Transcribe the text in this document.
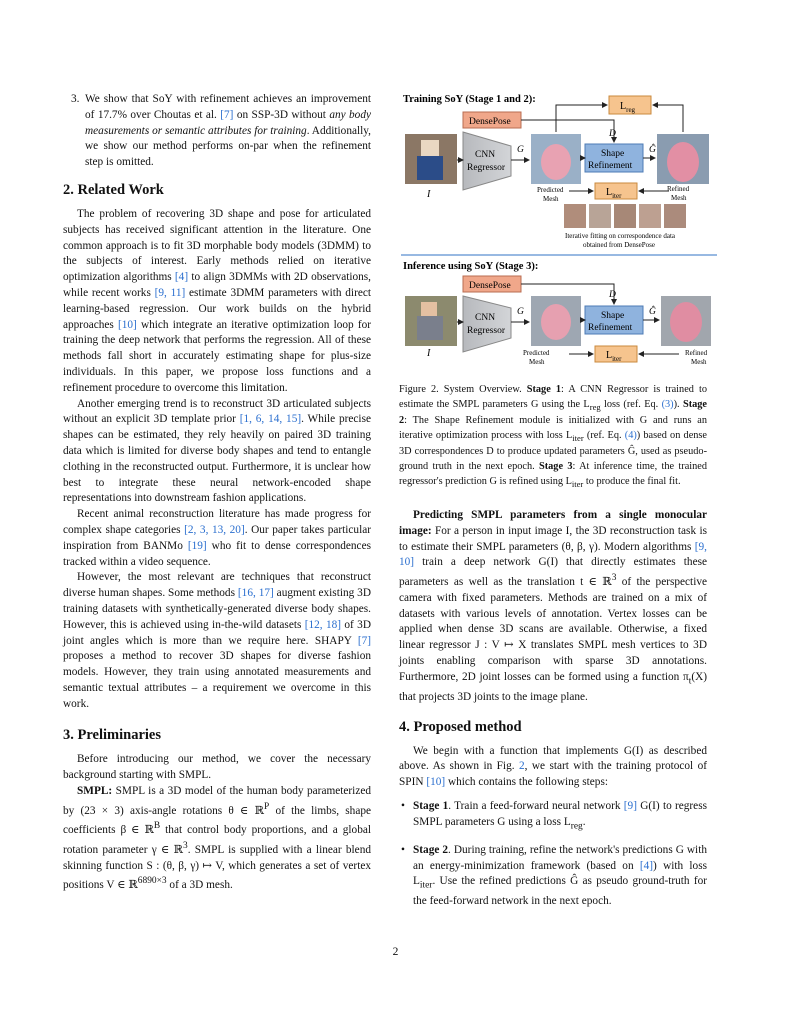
3. We show that SoY with refinement achieves an improvement of 17.7% over Choutas et al. [7] on SSP-3D without any body measurements or semantic attributes for training. Additionally, we show our method performs on-par when the refinement step is omitted.
2. Related Work

The problem of recovering 3D shape and pose for articulated subjects has received significant attention in the literature. One common approach is to fit 3D morphable body models (3DMM) to the subjects of interest. Early methods relied on iterative optimization algorithms [4] to align 3DMMs with 2D observations, while recent works [9, 11] estimate 3DMM parameters with direct learning-based regression. Our work builds on the hybrid approaches [10] which integrate an iterative optimization loop for training the deep network that performs the regression. All of these methods fall short in accurately estimating shape for plus-size individuals. In this paper, we propose loss functions and a refinement procedure to overcome this limitation.

Another emerging trend is to reconstruct 3D articulated subjects without an explicit 3D template prior [1, 6, 14, 15]. While precise shapes can be estimated, they rely heavily on paired 3D training data which is limited for diverse body shapes and tend to entangle clothing in the reconstructed output. Furthermore, it is unclear how best to integrate these neural network-encoded shape representations into downstream fashion applications.

Recent animal reconstruction literature has made progress for complex shape categories [2, 3, 13, 20]. Our paper takes particular inspiration from BANMo [19] who fit to dense correspondences tracked within a video sequence.

However, the most relevant are techniques that reconstruct diverse human shapes. Some methods [16, 17] augment existing 3D training datasets with synthetically-generated diverse body shapes. However, this is achieved using in-the-wild datasets [12, 18] of 3D joint angles which is more than we require here. SHAPY [7] proposes a method to recover 3D shapes for diverse fashion models. However, they train using annotated measurements and semantic textual attributes – a requirement we overcome in this work.

3. Preliminaries

Before introducing our method, we cover the necessary background starting with SMPL.

SMPL: SMPL is a 3D model of the human body parameterized by (23 × 3) axis-angle rotations θ ∈ ℝ$^P$ of the limbs, shape coefficients β ∈ ℝ$^B$ that control body proportions, and a global rotation parameter γ ∈ ℝ$^3$. SMPL is supplied with a linear blend skinning function S : (θ, β, γ) ↦ V, which generates a set of vertex positions V ∈ ℝ$^{6890\times 3}$ of a 3D mesh.

Training SoY (Stage 1 and 2):
$L_{reg}$
DensePose
I
CNN
Regressor
G
Predicted
Mesh
D
Shape
Refinement
Ĝ
Refined
Mesh
$L_{iter}$
Iterative fitting on correspondence data
obtained from DensePose
Inference using SoY (Stage 3):
DensePose
I
CNN
Regressor
G
Predicted
Mesh
D
Shape
Refinement
Ĝ
Refined
Mesh
$L_{iter}$
Figure 2. System Overview. Stage 1: A CNN Regressor is trained to estimate the SMPL parameters G using the $L_{reg}$ loss (ref. Eq. (3)). Stage 2: The Shape Refinement module is initialized with G and runs an iterative optimization process with loss $L_{iter}$ (ref. Eq. (4)) based on dense 3D correspondences D to produce updated parameters Ĝ, used as pseudo-ground truth in the next epoch. Stage 3: At inference time, the trained regressor's prediction G is refined using $L_{iter}$ to produce the final fit.

Predicting SMPL parameters from a single monocular image: For a person in input image I, the 3D reconstruction task is to estimate their SMPL parameters (θ, β, γ). Modern algorithms [9, 10] train a deep network G(I) that directly estimates these parameters as well as the translation t ∈ ℝ$^3$ of the perspective camera with fixed parameters. Methods are trained on a mix of datasets with various levels of annotation. Vertex losses can be applied when dense 3D scans are available. Otherwise, a fixed linear regressor J : V ↦ X translates SMPL mesh vertices to 3D joints enabling comparison with sparse 3D annotations. Furthermore, 2D joint losses can be formed using a function $\pi_t(X)$ that projects 3D joints to the image plane.

4. Proposed method

We begin with a function that implements G(I) as described above. As shown in Fig. 2, we start with the training protocol of SPIN [10] which contains the following steps:

• Stage 1. Train a feed-forward neural network [9] G(I) to regress SMPL parameters G using a loss $L_{reg}$.
• Stage 2. During training, refine the network's predictions G with an energy-minimization framework (based on [4]) with loss $L_{iter}$. Use the refined predictions Ĝ as pseudo ground-truth for the feed-forward network in the next epoch.
2
